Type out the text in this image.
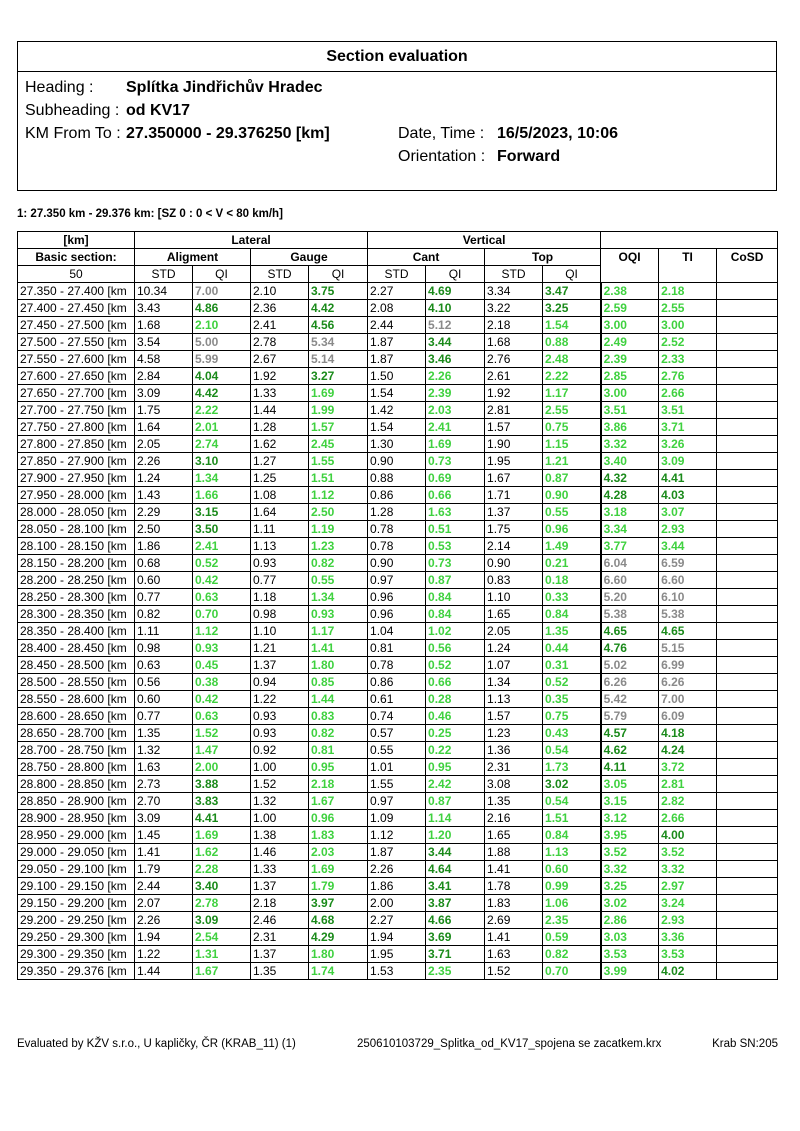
Section evaluation
Heading : Splítka Jindřichův Hradec
Subheading : od KV17
KM From To : 27.350000 - 29.376250 [km]	Date, Time : 16/5/2023, 10:06
Orientation : Forward
1: 27.350 km - 29.376 km: [SZ 0 : 0 < V < 80 km/h]
[km]	Lateral				Vertical						
Basic section:	Aligment		Gauge		Cant		Top		OQI	TI	CoSD
50	STD	QI	STD	QI	STD	QI	STD	QI			
27.350 - 27.400 [km	10.34	7.00	2.10	3.75	2.27	4.69	3.34	3.47	2.38	2.18	
27.400 - 27.450 [km	3.43	4.86	2.36	4.42	2.08	4.10	3.22	3.25	2.59	2.55	
27.450 - 27.500 [km	1.68	2.10	2.41	4.56	2.44	5.12	2.18	1.54	3.00	3.00	
27.500 - 27.550 [km	3.54	5.00	2.78	5.34	1.87	3.44	1.68	0.88	2.49	2.52	
27.550 - 27.600 [km	4.58	5.99	2.67	5.14	1.87	3.46	2.76	2.48	2.39	2.33	
27.600 - 27.650 [km	2.84	4.04	1.92	3.27	1.50	2.26	2.61	2.22	2.85	2.76	
27.650 - 27.700 [km	3.09	4.42	1.33	1.69	1.54	2.39	1.92	1.17	3.00	2.66	
27.700 - 27.750 [km	1.75	2.22	1.44	1.99	1.42	2.03	2.81	2.55	3.51	3.51	
27.750 - 27.800 [km	1.64	2.01	1.28	1.57	1.54	2.41	1.57	0.75	3.86	3.71	
27.800 - 27.850 [km	2.05	2.74	1.62	2.45	1.30	1.69	1.90	1.15	3.32	3.26	
27.850 - 27.900 [km	2.26	3.10	1.27	1.55	0.90	0.73	1.95	1.21	3.40	3.09	
27.900 - 27.950 [km	1.24	1.34	1.25	1.51	0.88	0.69	1.67	0.87	4.32	4.41	
27.950 - 28.000 [km	1.43	1.66	1.08	1.12	0.86	0.66	1.71	0.90	4.28	4.03	
28.000 - 28.050 [km	2.29	3.15	1.64	2.50	1.28	1.63	1.37	0.55	3.18	3.07	
28.050 - 28.100 [km	2.50	3.50	1.11	1.19	0.78	0.51	1.75	0.96	3.34	2.93	
28.100 - 28.150 [km	1.86	2.41	1.13	1.23	0.78	0.53	2.14	1.49	3.77	3.44	
28.150 - 28.200 [km	0.68	0.52	0.93	0.82	0.90	0.73	0.90	0.21	6.04	6.59	
28.200 - 28.250 [km	0.60	0.42	0.77	0.55	0.97	0.87	0.83	0.18	6.60	6.60	
28.250 - 28.300 [km	0.77	0.63	1.18	1.34	0.96	0.84	1.10	0.33	5.20	6.10	
28.300 - 28.350 [km	0.82	0.70	0.98	0.93	0.96	0.84	1.65	0.84	5.38	5.38	
28.350 - 28.400 [km	1.11	1.12	1.10	1.17	1.04	1.02	2.05	1.35	4.65	4.65	
28.400 - 28.450 [km	0.98	0.93	1.21	1.41	0.81	0.56	1.24	0.44	4.76	5.15	
28.450 - 28.500 [km	0.63	0.45	1.37	1.80	0.78	0.52	1.07	0.31	5.02	6.99	
28.500 - 28.550 [km	0.56	0.38	0.94	0.85	0.86	0.66	1.34	0.52	6.26	6.26	
28.550 - 28.600 [km	0.60	0.42	1.22	1.44	0.61	0.28	1.13	0.35	5.42	7.00	
28.600 - 28.650 [km	0.77	0.63	0.93	0.83	0.74	0.46	1.57	0.75	5.79	6.09	
28.650 - 28.700 [km	1.35	1.52	0.93	0.82	0.57	0.25	1.23	0.43	4.57	4.18	
28.700 - 28.750 [km	1.32	1.47	0.92	0.81	0.55	0.22	1.36	0.54	4.62	4.24	
28.750 - 28.800 [km	1.63	2.00	1.00	0.95	1.01	0.95	2.31	1.73	4.11	3.72	
28.800 - 28.850 [km	2.73	3.88	1.52	2.18	1.55	2.42	3.08	3.02	3.05	2.81	
28.850 - 28.900 [km	2.70	3.83	1.32	1.67	0.97	0.87	1.35	0.54	3.15	2.82	
28.900 - 28.950 [km	3.09	4.41	1.00	0.96	1.09	1.14	2.16	1.51	3.12	2.66	
28.950 - 29.000 [km	1.45	1.69	1.38	1.83	1.12	1.20	1.65	0.84	3.95	4.00	
29.000 - 29.050 [km	1.41	1.62	1.46	2.03	1.87	3.44	1.88	1.13	3.52	3.52	
29.050 - 29.100 [km	1.79	2.28	1.33	1.69	2.26	4.64	1.41	0.60	3.32	3.32	
29.100 - 29.150 [km	2.44	3.40	1.37	1.79	1.86	3.41	1.78	0.99	3.25	2.97	
29.150 - 29.200 [km	2.07	2.78	2.18	3.97	2.00	3.87	1.83	1.06	3.02	3.24	
29.200 - 29.250 [km	2.26	3.09	2.46	4.68	2.27	4.66	2.69	2.35	2.86	2.93	
29.250 - 29.300 [km	1.94	2.54	2.31	4.29	1.94	3.69	1.41	0.59	3.03	3.36	
29.300 - 29.350 [km	1.22	1.31	1.37	1.80	1.95	3.71	1.63	0.82	3.53	3.53	
29.350 - 29.376 [km	1.44	1.67	1.35	1.74	1.53	2.35	1.52	0.70	3.99	4.02	
Evaluated by KŽV s.r.o., U kapličky, ČR (KRAB_11) (1)	250610103729_Splitka_od_KV17_spojena se zacatkem.krx	Krab SN:205
